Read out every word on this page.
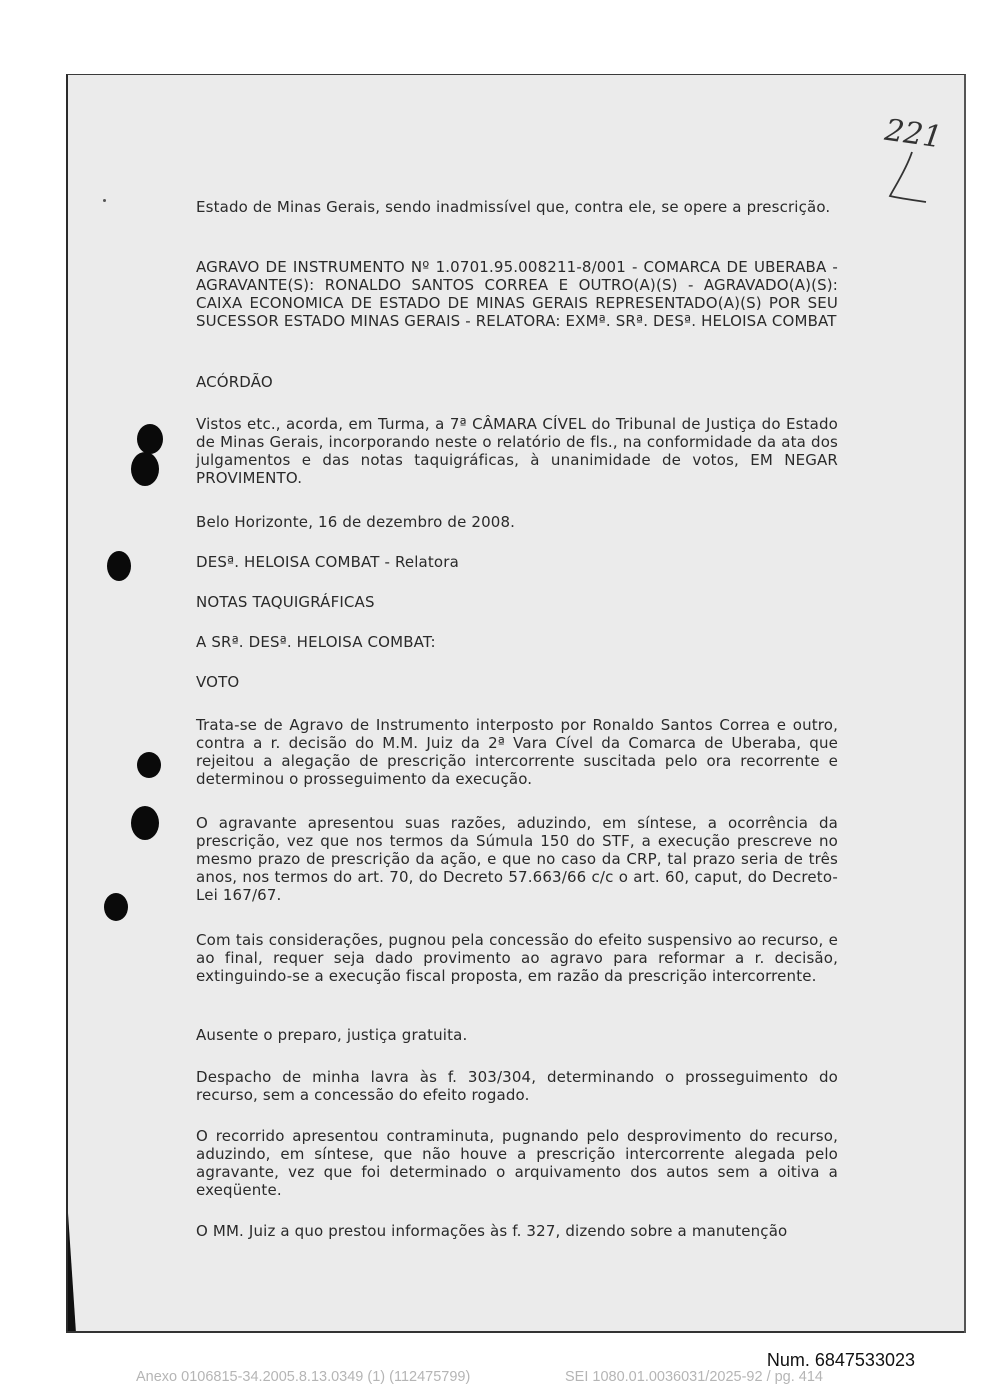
221
Estado de Minas Gerais, sendo inadmissível que, contra ele, se opere a prescrição.
AGRAVO DE INSTRUMENTO Nº 1.0701.95.008211-8/001 - COMARCA DE UBERABA - AGRAVANTE(S): RONALDO SANTOS CORREA E OUTRO(A)(S) - AGRAVADO(A)(S): CAIXA ECONOMICA DE ESTADO DE MINAS GERAIS REPRESENTADO(A)(S) POR SEU SUCESSOR ESTADO MINAS GERAIS - RELATORA: EXMª. SRª. DESª. HELOISA COMBAT
ACÓRDÃO
Vistos etc., acorda, em Turma, a 7ª CÂMARA CÍVEL do Tribunal de Justiça do Estado de Minas Gerais, incorporando neste o relatório de fls., na conformidade da ata dos julgamentos e das notas taquigráficas, à unanimidade de votos, EM NEGAR PROVIMENTO.
Belo Horizonte, 16 de dezembro de 2008.
DESª. HELOISA COMBAT - Relatora
NOTAS TAQUIGRÁFICAS
A SRª. DESª. HELOISA COMBAT:
VOTO
Trata-se de Agravo de Instrumento interposto por Ronaldo Santos Correa e outro, contra a r. decisão do M.M. Juiz da 2ª Vara Cível da Comarca de Uberaba, que rejeitou a alegação de prescrição intercorrente suscitada pelo ora recorrente e determinou o prosseguimento da execução.
O agravante apresentou suas razões, aduzindo, em síntese, a ocorrência da prescrição, vez que nos termos da Súmula 150 do STF, a execução prescreve no mesmo prazo de prescrição da ação, e que no caso da CRP, tal prazo seria de três anos, nos termos do art. 70, do Decreto 57.663/66 c/c o art. 60, caput, do Decreto-Lei 167/67.
Com tais considerações, pugnou pela concessão do efeito suspensivo ao recurso, e ao final, requer seja dado provimento ao agravo para reformar a r. decisão, extinguindo-se a execução fiscal proposta, em razão da prescrição intercorrente.
Ausente o preparo, justiça gratuita.
Despacho de minha lavra às f. 303/304, determinando o prosseguimento do recurso, sem a concessão do efeito rogado.
O recorrido apresentou contraminuta, pugnando pelo desprovimento do recurso, aduzindo, em síntese, que não houve a prescrição intercorrente alegada pelo agravante, vez que foi determinado o arquivamento dos autos sem a oitiva a exeqüente.
O MM. Juiz a quo prestou informações às f. 327, dizendo sobre a manutenção
Num. 6847533023
Anexo 0106815-34.2005.8.13.0349 (1) (112475799)	SEI 1080.01.0036031/2025-92 / pg. 414
